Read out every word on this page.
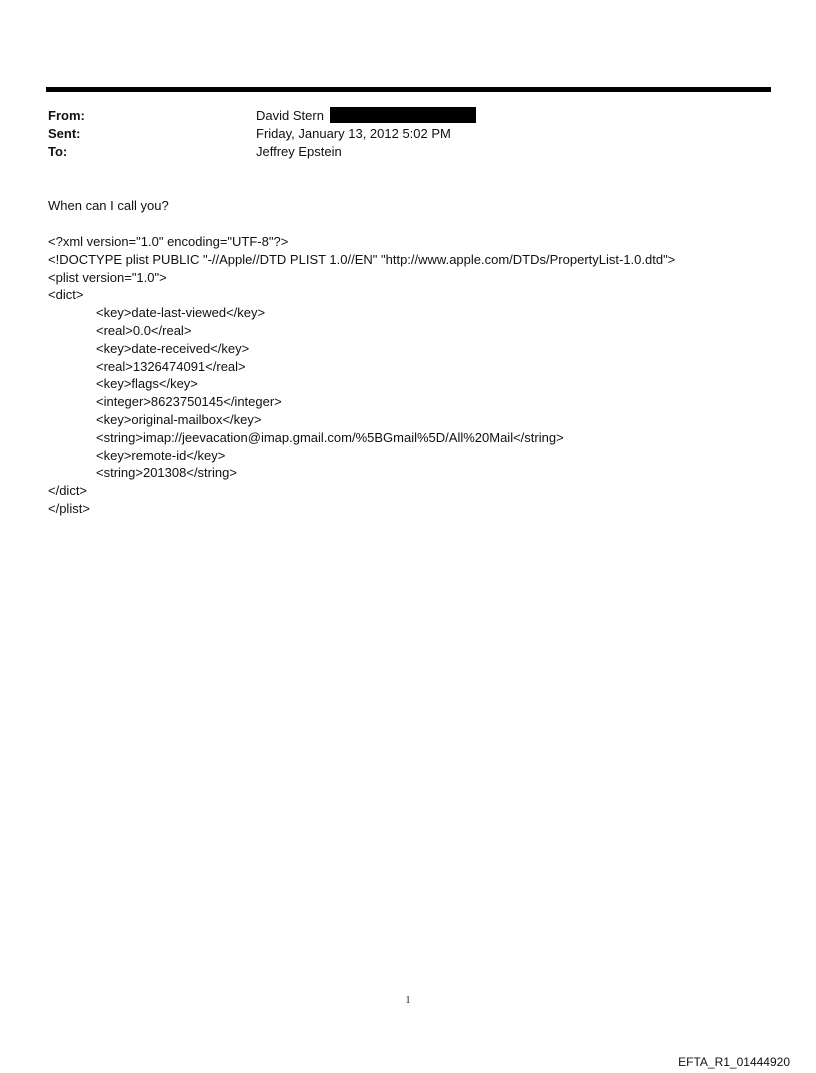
From:	David Stern
Sent:	Friday, January 13, 2012 5:02 PM
To:	Jeffrey Epstein
When can I call you?
<?xml version="1.0" encoding="UTF-8"?>
<!DOCTYPE plist PUBLIC "-//Apple//DTD PLIST 1.0//EN" "http://www.apple.com/DTDs/PropertyList-1.0.dtd">
<plist version="1.0">
<dict>
<key>date-last-viewed</key>
<real>0.0</real>
<key>date-received</key>
<real>1326474091</real>
<key>flags</key>
<integer>8623750145</integer>
<key>original-mailbox</key>
<string>imap://jeevacation@imap.gmail.com/%5BGmail%5D/All%20Mail</string>
<key>remote-id</key>
<string>201308</string>
</dict>
</plist>
1
EFTA_R1_01444920
